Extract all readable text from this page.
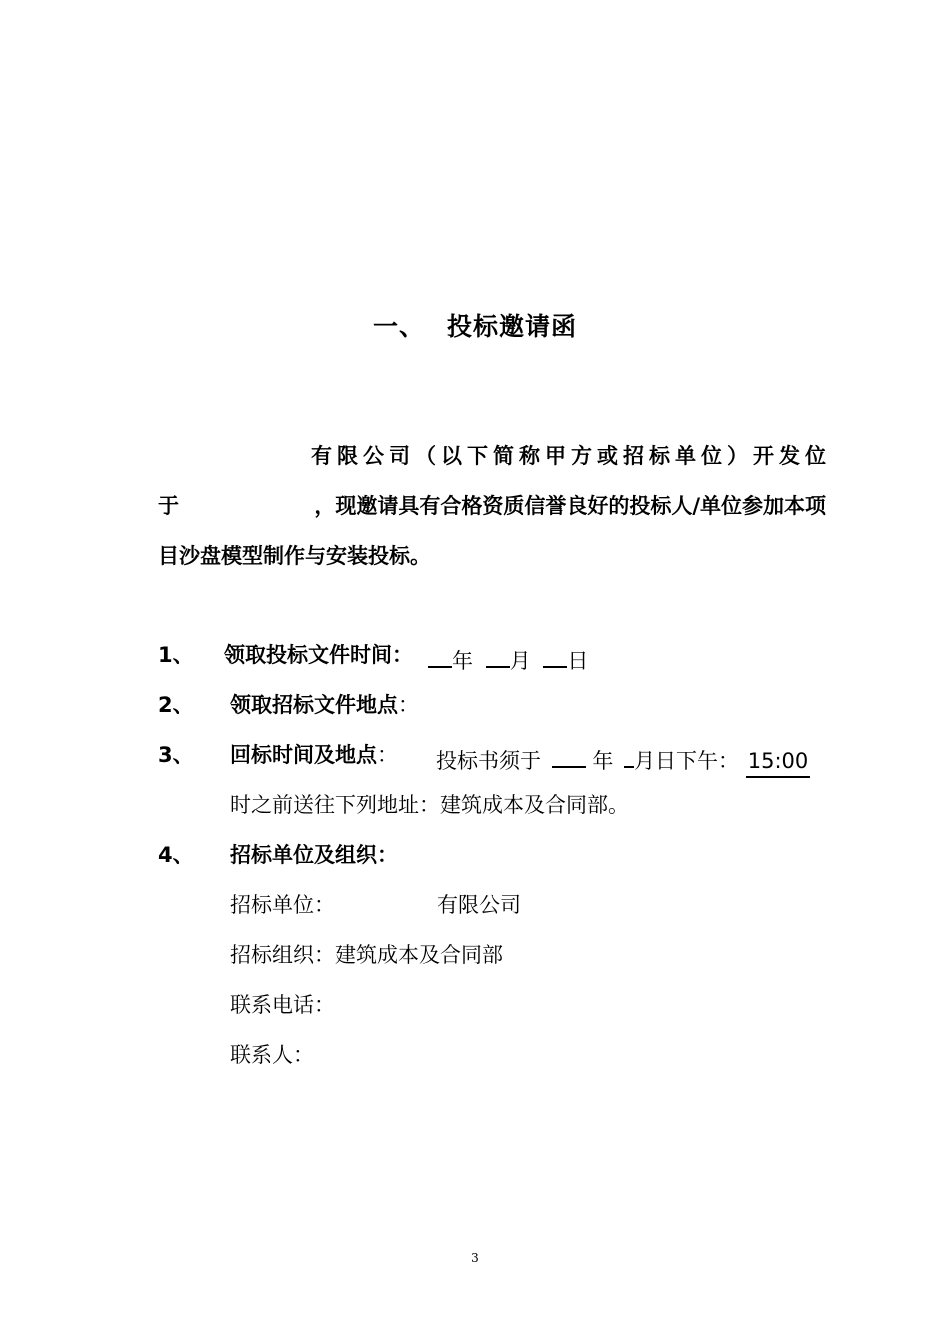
一、 投标邀请函
有限公司（以下简称甲方或招标单位）开发位
于	，现邀请具有合格资质信誉良好的投标人/单位参加本项
目沙盘模型制作与安装投标。
1、 领取投标文件时间：	年 月 日
2、 领取招标文件地点：
3、 回标时间及地点： 投标书须于 年 月日下午： 15:00
时之前送往下列地址：建筑成本及合同部。
4、 招标单位及组织：
招标单位：	有限公司
招标组织：建筑成本及合同部
联系电话：
联系人：
3
